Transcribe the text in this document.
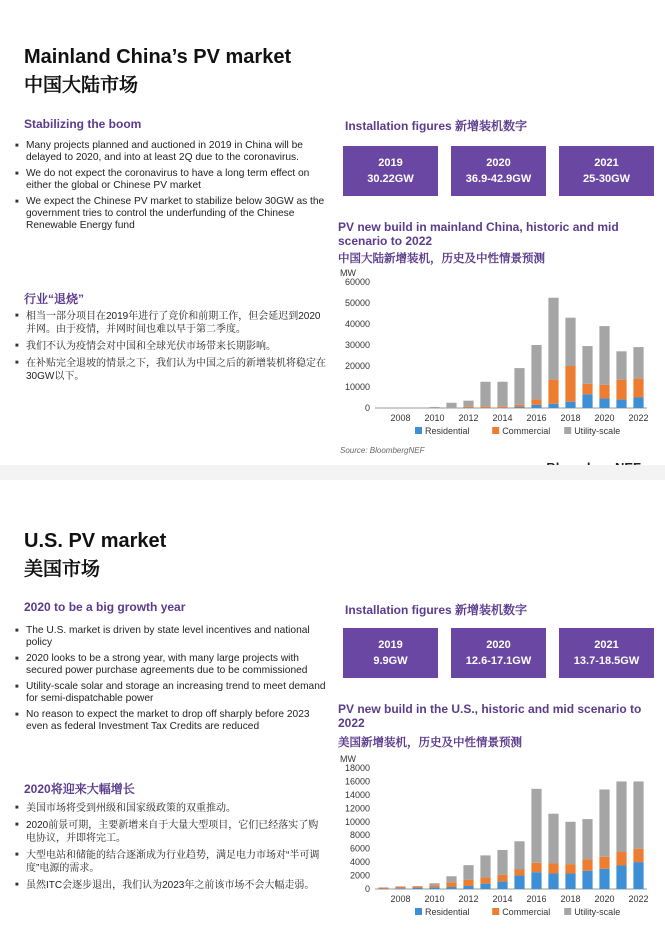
Mainland China’s PV market
中国大陆市场
Stabilizing the boom
■ Many projects planned and auctioned in 2019 in China will be delayed to 2020, and into at least 2Q due to the coronavirus.
■ We do not expect the coronavirus to have a long term effect on either the global or Chinese PV market
■ We expect the Chinese PV market to stabilize below 30GW as the government tries to control the underfunding of the Chinese Renewable Energy fund
行业“退烧”
■ 相当一部分项目在2019年进行了竞价和前期工作，但会延迟到2020并网。由于疫情，并网时间也难以早于第二季度。
■ 我们不认为疫情会对中国和全球光伏市场带来长期影响。
■ 在补贴完全退坡的情景之下，我们认为中国之后的新增装机将稳定在30GW以下。
Installation figures 新增装机数字
2019
30.22GW
2020
36.9-42.9GW
2021
25-30GW
PV new build in mainland China, historic and mid scenario to 2022
中国大陆新增装机，历史及中性情景预测
MW
0
10000
20000
30000
40000
50000
60000
2008 2010 2012 2014 2016 2018 2020 2022
Residential	Commercial	Utility-scale
Source: BloombergNEF
U.S. PV market
美国市场
2020 to be a big growth year
■ The U.S. market is driven by state level incentives and national policy
■ 2020 looks to be a strong year, with many large projects with secured power purchase agreements due to be commissioned
■ Utility-scale solar and storage an increasing trend to meet demand for semi-dispatchable power
■ No reason to expect the market to drop off sharply before 2023 even as federal Investment Tax Credits are reduced
2020将迎来大幅增长
■ 美国市场将受到州级和国家级政策的双重推动。
■ 2020前景可期，主要新增来自于大量大型项目，它们已经落实了购电协议，并即将完工。
■ 大型电站和储能的结合逐渐成为行业趋势，满足电力市场对“半可调度”电源的需求。
■ 虽然ITC会逐步退出，我们认为2023年之前该市场不会大幅走弱。
Installation figures 新增装机数字
2019
9.9GW
2020
12.6-17.1GW
2021
13.7-18.5GW
PV new build in the U.S., historic and mid scenario to 2022
美国新增装机，历史及中性情景预测
MW
0
2000
4000
6000
8000
10000
12000
14000
16000
18000
2008 2010 2012 2014 2016 2018 2020 2022
Residential	Commercial	Utility-scale
